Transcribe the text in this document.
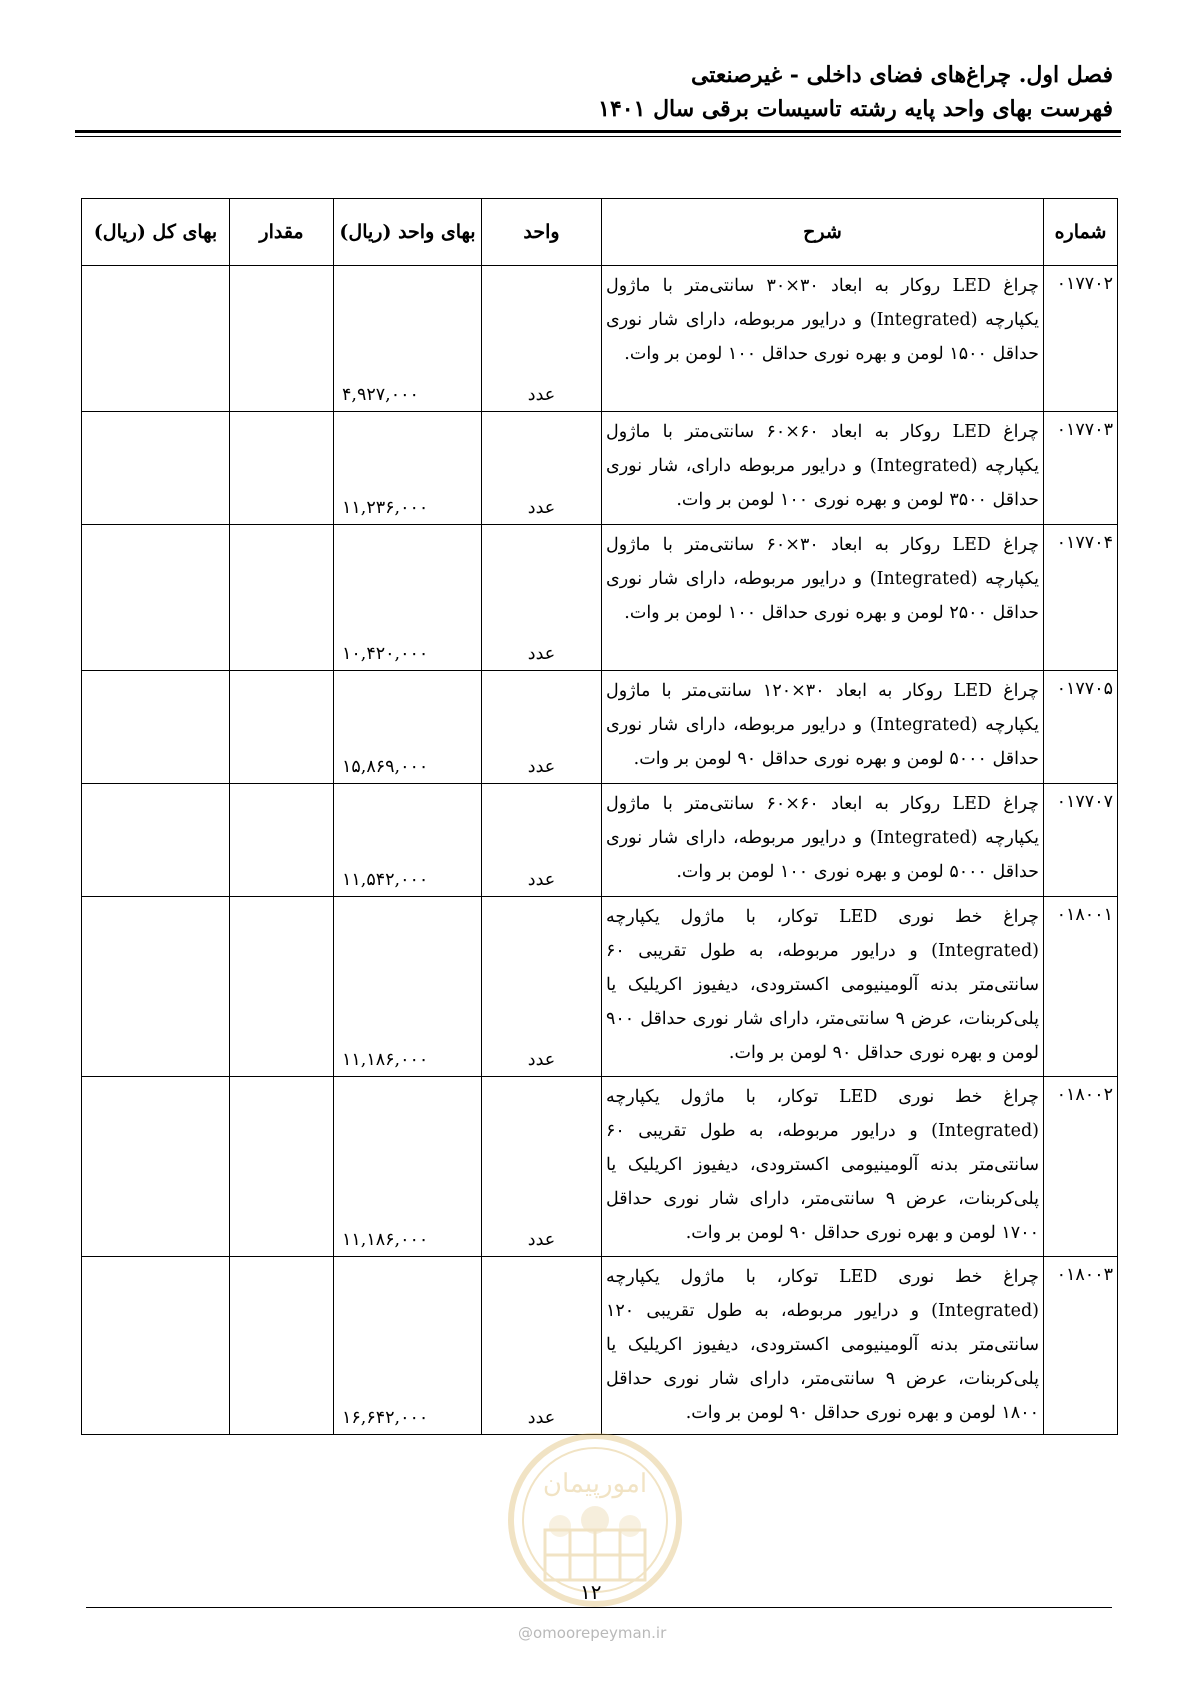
فصل اول. چراغ‌های فضای داخلی - غیرصنعتی
فهرست بهای واحد پایه رشته تاسیسات برقی سال ۱۴۰۱
شماره	شرح	واحد	بهای واحد (ریال)	مقدار	بهای کل (ریال)
۰۱۷۷۰۲	چراغ LED روکار به ابعاد ۳۰×۳۰ سانتی‌متر با ماژول یکپارچه (Integrated) و درایور مربوطه، دارای شار نوری حداقل ۱۵۰۰ لومن و بهره نوری حداقل ۱۰۰ لومن بر وات.	عدد	۴,۹۲۷,۰۰۰		
۰۱۷۷۰۳	چراغ LED روکار به ابعاد ۶۰×۶۰ سانتی‌متر با ماژول یکپارچه (Integrated) و درایور مربوطه دارای، شار نوری حداقل ۳۵۰۰ لومن و بهره نوری ۱۰۰ لومن بر وات.	عدد	۱۱,۲۳۶,۰۰۰		
۰۱۷۷۰۴	چراغ LED روکار به ابعاد ۳۰×۶۰ سانتی‌متر با ماژول یکپارچه (Integrated) و درایور مربوطه، دارای شار نوری حداقل ۲۵۰۰ لومن و بهره نوری حداقل ۱۰۰ لومن بر وات.	عدد	۱۰,۴۲۰,۰۰۰		
۰۱۷۷۰۵	چراغ LED روکار به ابعاد ۳۰×۱۲۰ سانتی‌متر با ماژول یکپارچه (Integrated) و درایور مربوطه، دارای شار نوری حداقل ۵۰۰۰ لومن و بهره نوری حداقل ۹۰ لومن بر وات.	عدد	۱۵,۸۶۹,۰۰۰		
۰۱۷۷۰۷	چراغ LED روکار به ابعاد ۶۰×۶۰ سانتی‌متر با ماژول یکپارچه (Integrated) و درایور مربوطه، دارای شار نوری حداقل ۵۰۰۰ لومن و بهره نوری ۱۰۰ لومن بر وات.	عدد	۱۱,۵۴۲,۰۰۰		
۰۱۸۰۰۱	چراغ خط نوری LED توکار، با ماژول یکپارچه (Integrated) و درایور مربوطه، به طول تقریبی ۶۰ سانتی‌متر بدنه آلومینیومی اکسترودی، دیفیوز اکریلیک یا پلی‌کربنات، عرض ۹ سانتی‌متر، دارای شار نوری حداقل ۹۰۰ لومن و بهره نوری حداقل ۹۰ لومن بر وات.	عدد	۱۱,۱۸۶,۰۰۰		
۰۱۸۰۰۲	چراغ خط نوری LED توکار، با ماژول یکپارچه (Integrated) و درایور مربوطه، به طول تقریبی ۶۰ سانتی‌متر بدنه آلومینیومی اکسترودی، دیفیوز اکریلیک یا پلی‌کربنات، عرض ۹ سانتی‌متر، دارای شار نوری حداقل ۱۷۰۰ لومن و بهره نوری حداقل ۹۰ لومن بر وات.	عدد	۱۱,۱۸۶,۰۰۰		
۰۱۸۰۰۳	چراغ خط نوری LED توکار، با ماژول یکپارچه (Integrated) و درایور مربوطه، به طول تقریبی ۱۲۰ سانتی‌متر بدنه آلومینیومی اکسترودی، دیفیوز اکریلیک یا پلی‌کربنات، عرض ۹ سانتی‌متر، دارای شار نوری حداقل ۱۸۰۰ لومن و بهره نوری حداقل ۹۰ لومن بر وات.	عدد	۱۶,۶۴۲,۰۰۰		
امورپیمان
۱۲
@omoorepeyman.ir
